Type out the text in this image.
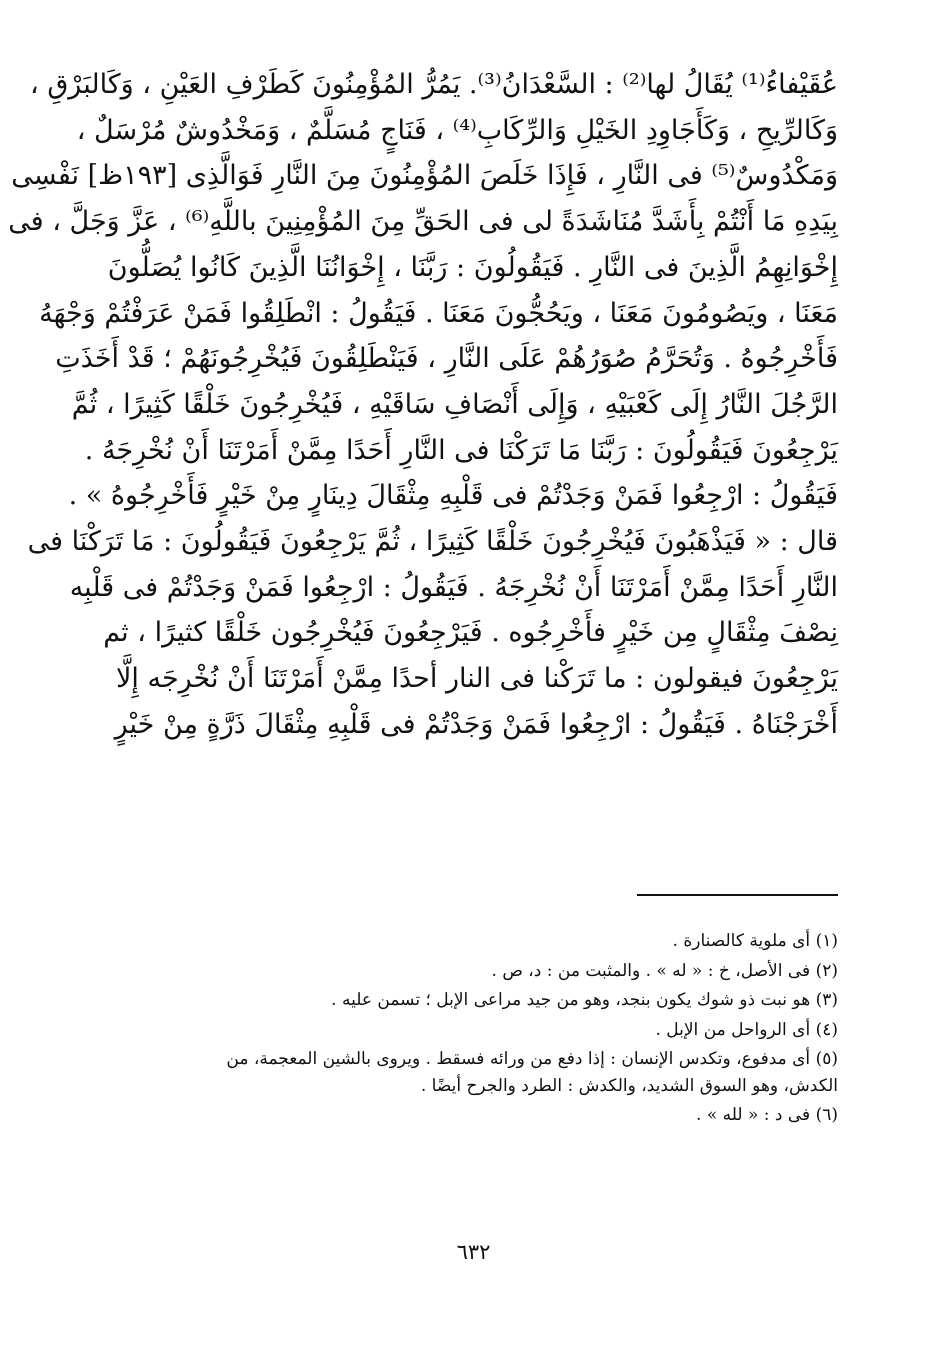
عُقَيْفاءُ⁽¹⁾ يُقَالُ لها⁽²⁾ : السَّعْدَانُ⁽³⁾. يَمُرُّ المُؤْمِنُونَ كَطَرْفِ العَيْنِ ، وَكَالبَرْقِ ،
وَكَالرِّيحِ ، وَكَأَجَاوِدِ الخَيْلِ وَالرِّكَابِ⁽⁴⁾ ، فَنَاجٍ مُسَلَّمٌ ، وَمَخْدُوشٌ مُرْسَلٌ ،
وَمَكْدُوسٌ⁽⁵⁾ فى النَّارِ ، فَإِذَا خَلَصَ المُؤْمِنُونَ مِنَ النَّارِ فَوَالَّذِى [١٩٣ظ] نَفْسِى
بِيَدِهِ مَا أَنْتُمْ بِأَشَدَّ مُنَاشَدَةً لى فى الحَقِّ مِنَ المُؤْمِنِينَ باللَّهِ⁽⁶⁾ ، عَزَّ وَجَلَّ ، فى
إِخْوَانِهِمُ الَّذِينَ فى النَّارِ . فَيَقُولُونَ : رَبَّنَا ، إِخْوَانُنَا الَّذِينَ كَانُوا يُصَلُّونَ
مَعَنَا ، ويَصُومُونَ مَعَنَا ، ويَحُجُّونَ مَعَنَا . فَيَقُولُ : انْطَلِقُوا فَمَنْ عَرَفْتُمْ وَجْهَهُ
فَأَخْرِجُوهُ . وَتُحَرَّمُ صُوَرُهُمْ عَلَى النَّارِ ، فَيَنْطَلِقُونَ فَيُخْرِجُونَهُمْ ؛ قَدْ أَخَذَتِ
الرَّجُلَ النَّارُ إِلَى كَعْبَيْهِ ، وَإِلَى أَنْصَافِ سَاقَيْهِ ، فَيُخْرِجُونَ خَلْقًا كَثِيرًا ، ثُمَّ
يَرْجِعُونَ فَيَقُولُونَ : رَبَّنَا مَا تَرَكْنَا فى النَّارِ أَحَدًا مِمَّنْ أَمَرْتَنَا أَنْ نُخْرِجَهُ .
فَيَقُولُ : ارْجِعُوا فَمَنْ وَجَدْتُمْ فى قَلْبِهِ مِثْقَالَ دِينَارٍ مِنْ خَيْرٍ فَأَخْرِجُوهُ » .
قال : « فَيَذْهَبُونَ فَيُخْرِجُونَ خَلْقًا كَثِيرًا ، ثُمَّ يَرْجِعُونَ فَيَقُولُونَ : مَا تَرَكْنَا فى
النَّارِ أَحَدًا مِمَّنْ أَمَرْتَنَا أَنْ نُخْرِجَهُ . فَيَقُولُ : ارْجِعُوا فَمَنْ وَجَدْتُمْ فى قَلْبِه
نِصْفَ مِثْقَالٍ مِن خَيْرٍ فأَخْرِجُوه . فَيَرْجِعُونَ فَيُخْرِجُون خَلْقًا كثيرًا ، ثم
يَرْجِعُونَ فيقولون : ما تَرَكْنا فى النار أحدًا مِمَّنْ أَمَرْتَنَا أَنْ نُخْرِجَه إِلَّا
أَخْرَجْنَاهُ . فَيَقُولُ : ارْجِعُوا فَمَنْ وَجَدْتُمْ فى قَلْبِهِ مِثْقَالَ ذَرَّةٍ مِنْ خَيْرٍ
(١) أى ملوية كالصنارة .
(٢) فى الأصل، خ : « له » . والمثبت من : د، ص .
(٣) هو نبت ذو شوك يكون بنجد، وهو من جيد مراعى الإبل ؛ تسمن عليه .
(٤) أى الرواحل من الإبل .
(٥) أى مدفوع، وتكدس الإنسان : إذا دفع من ورائه فسقط . ويروى بالشين المعجمة، من
الكدش، وهو السوق الشديد، والكدش : الطرد والجرح أيضًا .
(٦) فى د : « لله » .
٦٣٢
